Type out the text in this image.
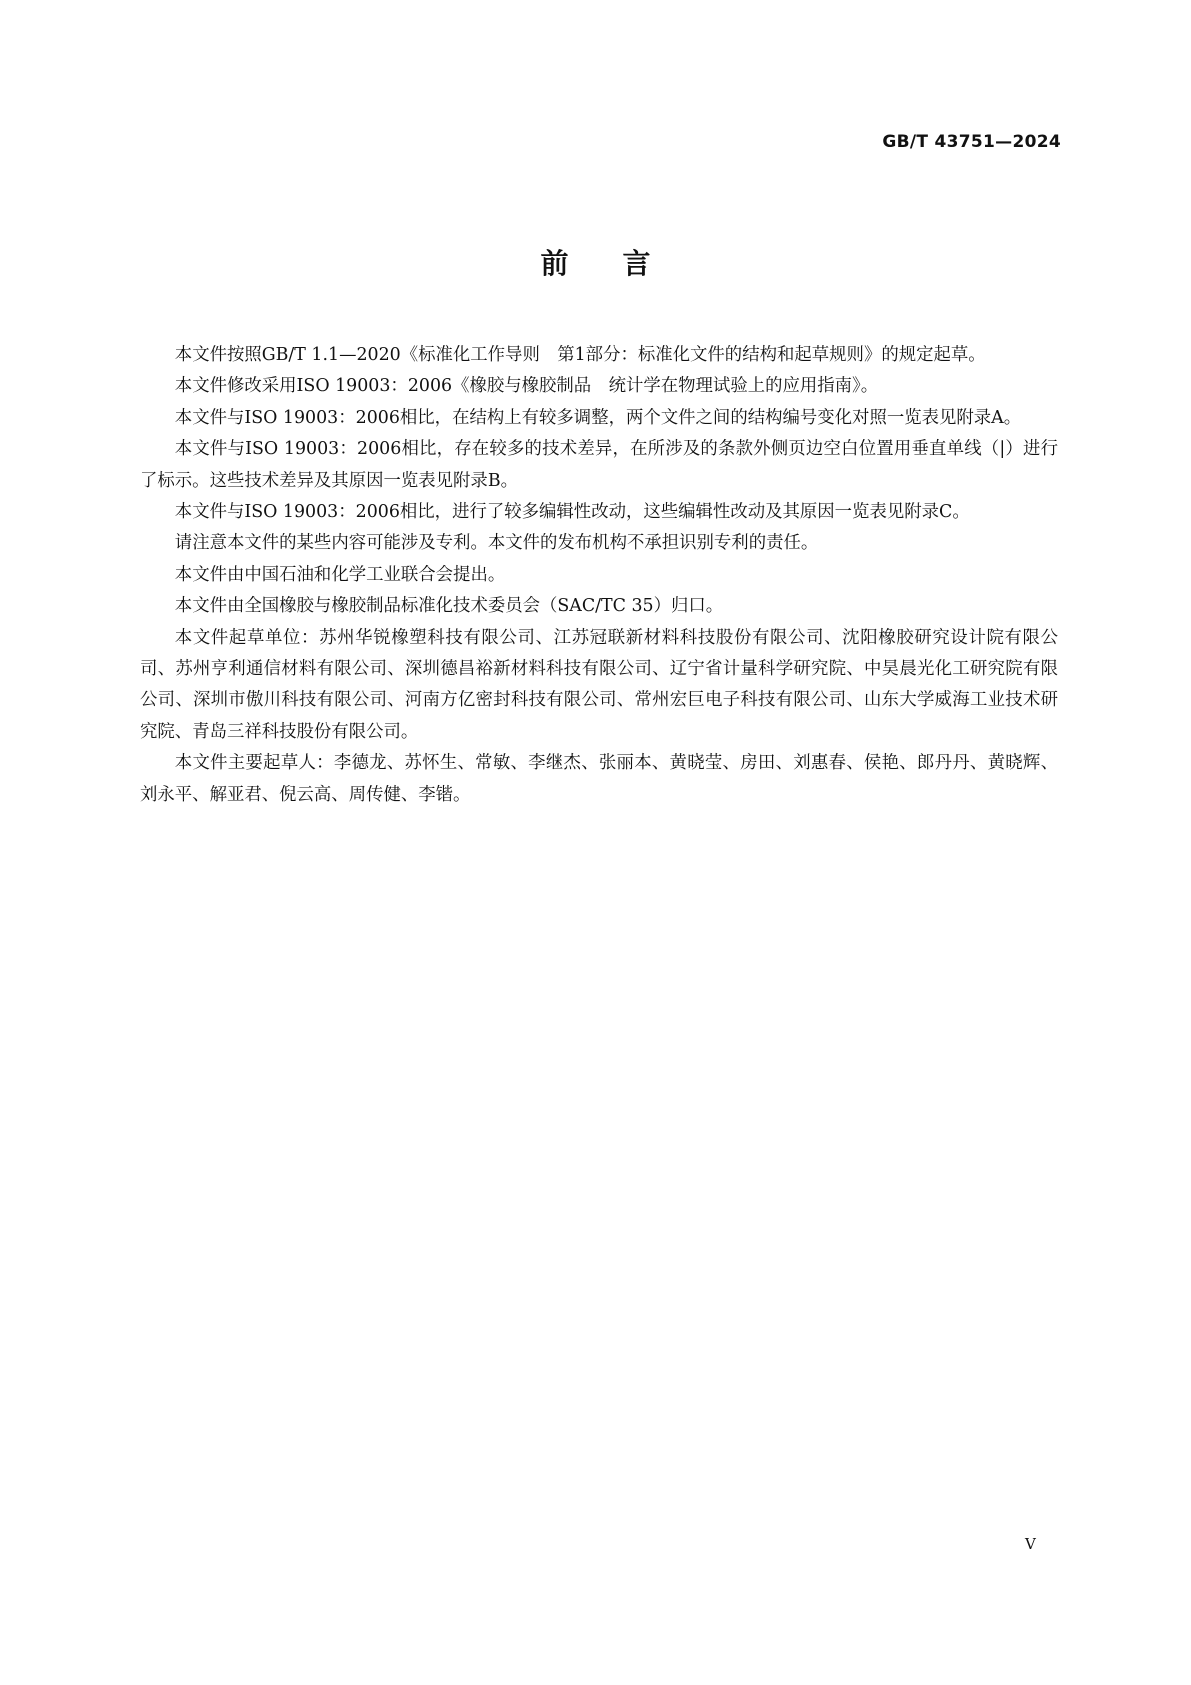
GB/T 43751—2024
前言

本文件按照GB/T 1.1—2020《标准化工作导则　第1部分：标准化文件的结构和起草规则》的规定起草。

本文件修改采用ISO 19003：2006《橡胶与橡胶制品　统计学在物理试验上的应用指南》。

本文件与ISO 19003：2006相比，在结构上有较多调整，两个文件之间的结构编号变化对照一览表见附录A。

本文件与ISO 19003：2006相比，存在较多的技术差异，在所涉及的条款外侧页边空白位置用垂直单线（|）进行了标示。这些技术差异及其原因一览表见附录B。

本文件与ISO 19003：2006相比，进行了较多编辑性改动，这些编辑性改动及其原因一览表见附录C。

请注意本文件的某些内容可能涉及专利。本文件的发布机构不承担识别专利的责任。

本文件由中国石油和化学工业联合会提出。

本文件由全国橡胶与橡胶制品标准化技术委员会（SAC/TC 35）归口。

本文件起草单位：苏州华锐橡塑科技有限公司、江苏冠联新材料科技股份有限公司、沈阳橡胶研究设计院有限公司、苏州亨利通信材料有限公司、深圳德昌裕新材料科技有限公司、辽宁省计量科学研究院、中昊晨光化工研究院有限公司、深圳市傲川科技有限公司、河南方亿密封科技有限公司、常州宏巨电子科技有限公司、山东大学威海工业技术研究院、青岛三祥科技股份有限公司。

本文件主要起草人：李德龙、苏怀生、常敏、李继杰、张丽本、黄晓莹、房田、刘惠春、侯艳、郎丹丹、黄晓辉、刘永平、解亚君、倪云高、周传健、李锴。

V
